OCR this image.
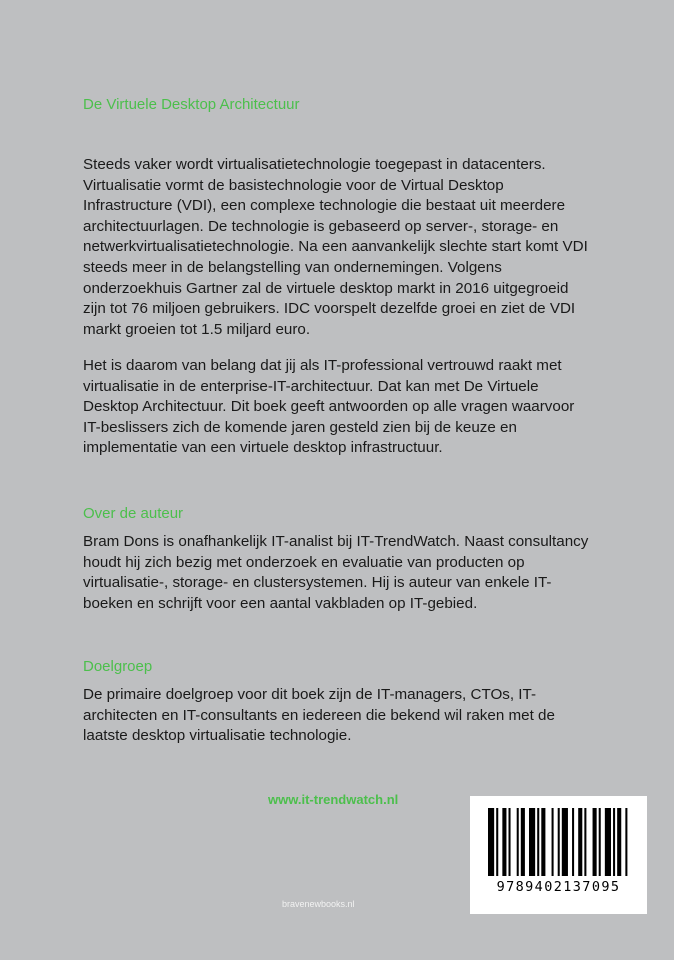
De Virtuele Desktop Architectuur

Steeds vaker wordt virtualisatietechnologie toegepast in datacenters.
Virtualisatie vormt de basistechnologie voor de Virtual Desktop
Infrastructure (VDI), een complexe technologie die bestaat uit meerdere
architectuurlagen. De technologie is gebaseerd op server-, storage- en
netwerkvirtualisatietechnologie. Na een aanvankelijk slechte start komt VDI
steeds meer in de belangstelling van ondernemingen. Volgens
onderzoekhuis Gartner zal de virtuele desktop markt in 2016 uitgegroeid
zijn tot 76 miljoen gebruikers. IDC voorspelt dezelfde groei en ziet de VDI
markt groeien tot 1.5 miljard euro.

Het is daarom van belang dat jij als IT-professional vertrouwd raakt met
virtualisatie in de enterprise-IT-architectuur. Dat kan met De Virtuele
Desktop Architectuur. Dit boek geeft antwoorden op alle vragen waarvoor
IT-beslissers zich de komende jaren gesteld zien bij de keuze en
implementatie van een virtuele desktop infrastructuur.

Over de auteur

Bram Dons is onafhankelijk IT-analist bij IT-TrendWatch. Naast consultancy
houdt hij zich bezig met onderzoek en evaluatie van producten op
virtualisatie-, storage- en clustersystemen. Hij is auteur van enkele IT-
boeken en schrijft voor een aantal vakbladen op IT-gebied.

Doelgroep

De primaire doelgroep voor dit boek zijn de IT-managers, CTOs, IT-
architecten en IT-consultants en iedereen die bekend wil raken met de
laatste desktop virtualisatie technologie.

www.it-trendwatch.nl
9789402137095
bravenewbooks.nl
